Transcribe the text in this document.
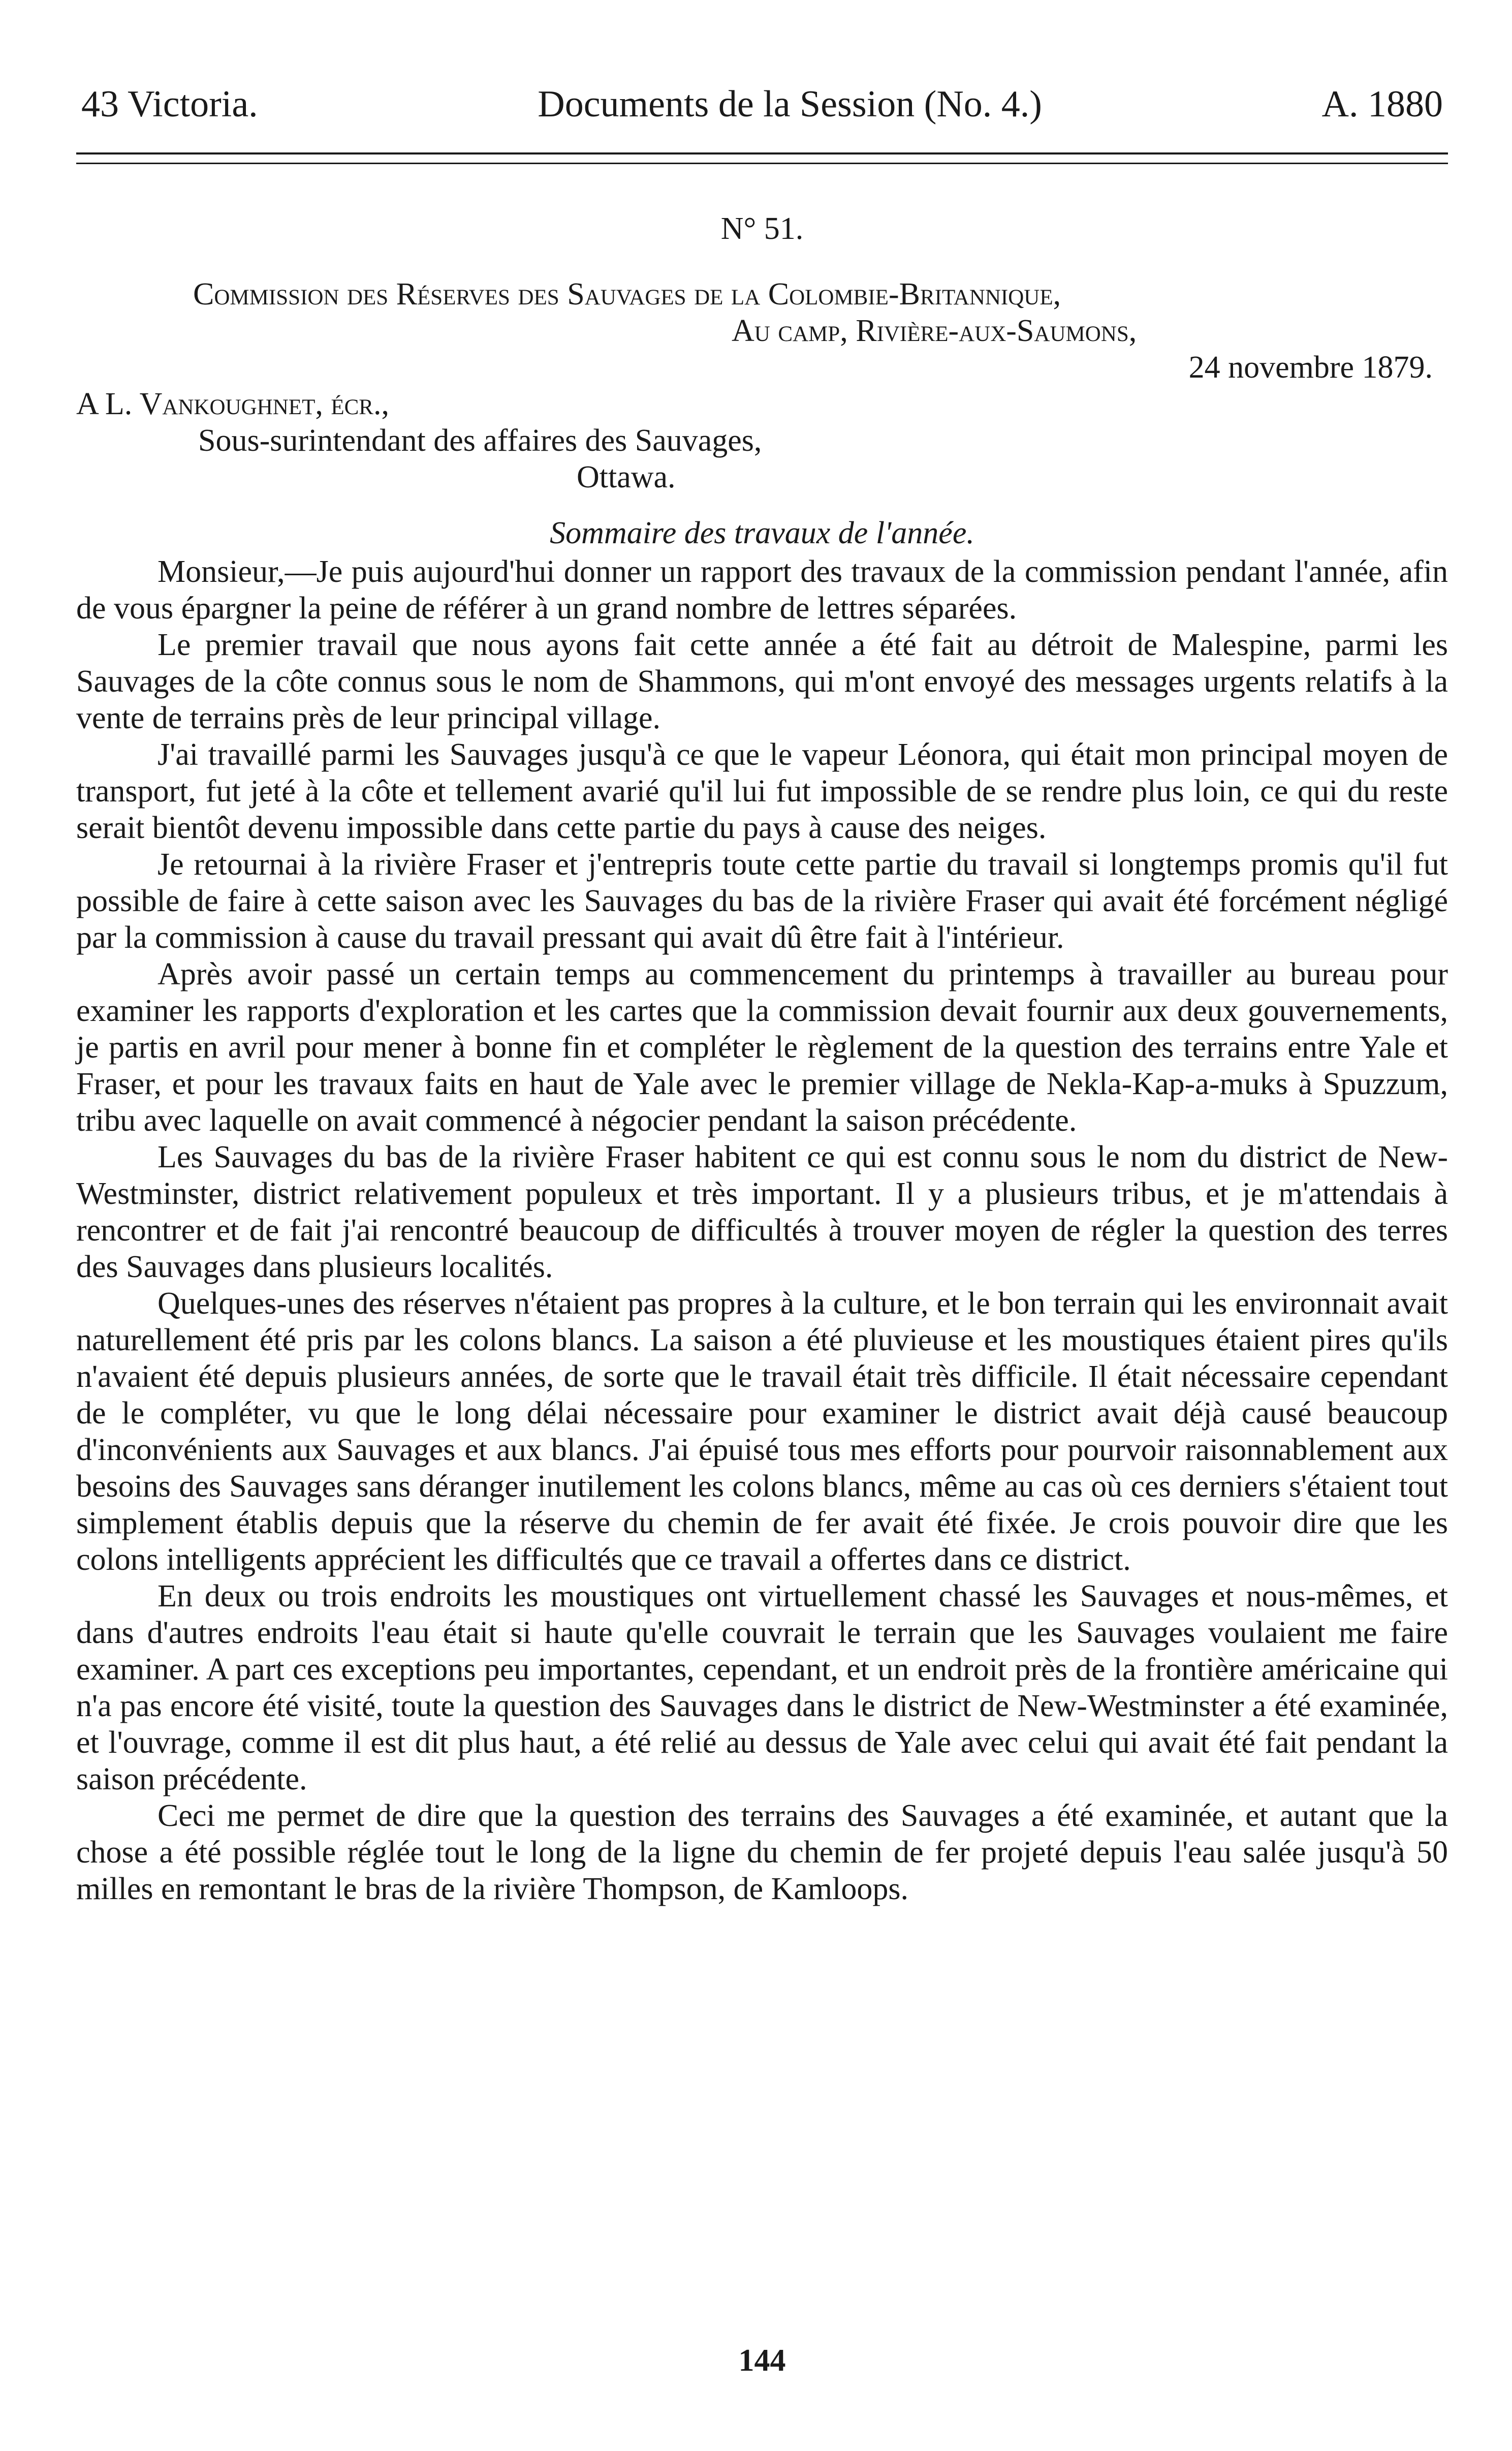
43 Victoria.	Documents de la Session (No. 4.)	A. 1880

N° 51.

Commission des Réserves des Sauvages de la Colombie-Britannique,

Au camp, Rivière-aux-Saumons,

24 novembre 1879.

A L. Vankoughnet, écr.,

Sous-surintendant des affaires des Sauvages,

Ottawa.

Sommaire des travaux de l'année.

Monsieur,—Je puis aujourd'hui donner un rapport des travaux de la commission pendant l'année, afin de vous épargner la peine de référer à un grand nombre de lettres séparées.

Le premier travail que nous ayons fait cette année a été fait au détroit de Malespine, parmi les Sauvages de la côte connus sous le nom de Shammons, qui m'ont envoyé des messages urgents relatifs à la vente de terrains près de leur principal village.

J'ai travaillé parmi les Sauvages jusqu'à ce que le vapeur Léonora, qui était mon principal moyen de transport, fut jeté à la côte et tellement avarié qu'il lui fut impossible de se rendre plus loin, ce qui du reste serait bientôt devenu impossible dans cette partie du pays à cause des neiges.

Je retournai à la rivière Fraser et j'entrepris toute cette partie du travail si longtemps promis qu'il fut possible de faire à cette saison avec les Sauvages du bas de la rivière Fraser qui avait été forcément négligé par la commission à cause du travail pressant qui avait dû être fait à l'intérieur.

Après avoir passé un certain temps au commencement du printemps à travailler au bureau pour examiner les rapports d'exploration et les cartes que la commission devait fournir aux deux gouvernements, je partis en avril pour mener à bonne fin et compléter le règlement de la question des terrains entre Yale et Fraser, et pour les travaux faits en haut de Yale avec le premier village de Nekla-Kap-a-muks à Spuzzum, tribu avec laquelle on avait commencé à négocier pendant la saison précédente.

Les Sauvages du bas de la rivière Fraser habitent ce qui est connu sous le nom du district de New-Westminster, district relativement populeux et très important. Il y a plusieurs tribus, et je m'attendais à rencontrer et de fait j'ai rencontré beaucoup de difficultés à trouver moyen de régler la question des terres des Sauvages dans plusieurs localités.

Quelques-unes des réserves n'étaient pas propres à la culture, et le bon terrain qui les environnait avait naturellement été pris par les colons blancs. La saison a été pluvieuse et les moustiques étaient pires qu'ils n'avaient été depuis plusieurs années, de sorte que le travail était très difficile. Il était nécessaire cependant de le compléter, vu que le long délai nécessaire pour examiner le district avait déjà causé beaucoup d'inconvénients aux Sauvages et aux blancs. J'ai épuisé tous mes efforts pour pourvoir raisonnablement aux besoins des Sauvages sans déranger inutilement les colons blancs, même au cas où ces derniers s'étaient tout simplement établis depuis que la réserve du chemin de fer avait été fixée. Je crois pouvoir dire que les colons intelligents apprécient les difficultés que ce travail a offertes dans ce district.

En deux ou trois endroits les moustiques ont virtuellement chassé les Sauvages et nous-mêmes, et dans d'autres endroits l'eau était si haute qu'elle couvrait le terrain que les Sauvages voulaient me faire examiner. A part ces exceptions peu importantes, cependant, et un endroit près de la frontière américaine qui n'a pas encore été visité, toute la question des Sauvages dans le district de New-Westminster a été examinée, et l'ouvrage, comme il est dit plus haut, a été relié au dessus de Yale avec celui qui avait été fait pendant la saison précédente.

Ceci me permet de dire que la question des terrains des Sauvages a été examinée, et autant que la chose a été possible réglée tout le long de la ligne du chemin de fer projeté depuis l'eau salée jusqu'à 50 milles en remontant le bras de la rivière Thompson, de Kamloops.

144
